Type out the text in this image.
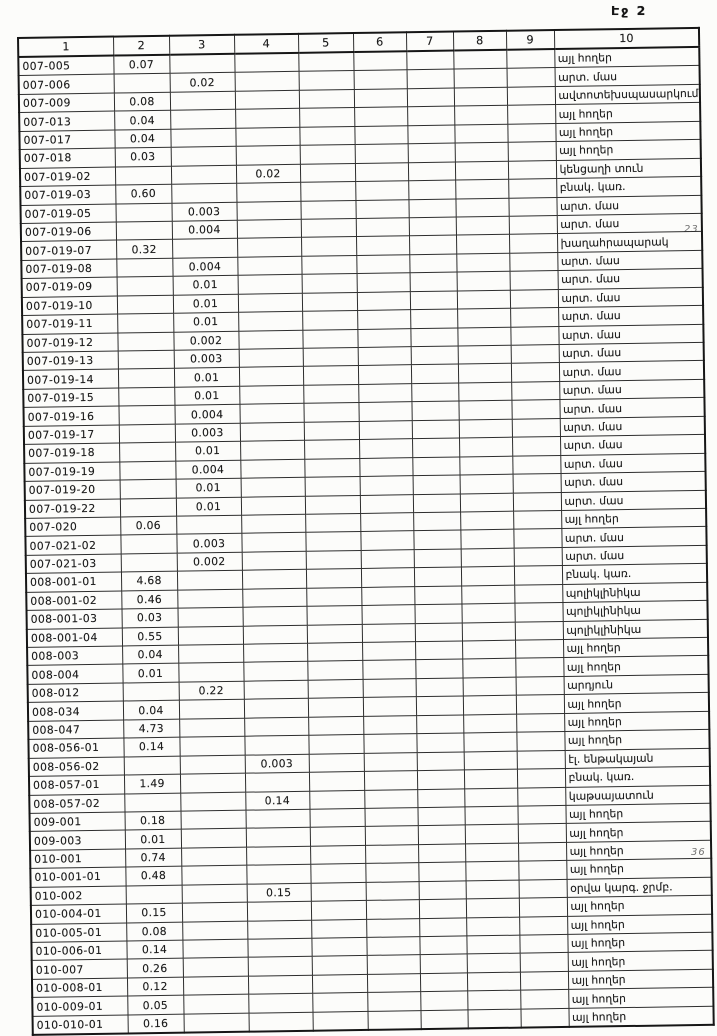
Էջ 2
23
36
1	2	3	4	5	6	7	8	9	10
007-005	0.07								այլ հողեր
007-006		0.02							արտ. մաս
007-009	0.08								ավտոտեխսպասարկում
007-013	0.04								այլ հողեր
007-017	0.04								այլ հողեր
007-018	0.03								այլ հողեր
007-019-02			0.02						կենցաղի տուն
007-019-03	0.60								բնակ. կառ.
007-019-05		0.003							արտ. մաս
007-019-06		0.004							արտ. մաս
007-019-07	0.32								խաղահրապարակ
007-019-08		0.004							արտ. մաս
007-019-09		0.01							արտ. մաս
007-019-10		0.01							արտ. մաս
007-019-11		0.01							արտ. մաս
007-019-12		0.002							արտ. մաս
007-019-13		0.003							արտ. մաս
007-019-14		0.01							արտ. մաս
007-019-15		0.01							արտ. մաս
007-019-16		0.004							արտ. մաս
007-019-17		0.003							արտ. մաս
007-019-18		0.01							արտ. մաս
007-019-19		0.004							արտ. մաս
007-019-20		0.01							արտ. մաս
007-019-22		0.01							արտ. մաս
007-020	0.06								այլ հողեր
007-021-02		0.003							արտ. մաս
007-021-03		0.002							արտ. մաս
008-001-01	4.68								բնակ. կառ.
008-001-02	0.46								պոլիկլինիկա
008-001-03	0.03								պոլիկլինիկա
008-001-04	0.55								պոլիկլինիկա
008-003	0.04								այլ հողեր
008-004	0.01								այլ հողեր
008-012		0.22							արդյուն
008-034	0.04								այլ հողեր
008-047	4.73								այլ հողեր
008-056-01	0.14								այլ հողեր
008-056-02			0.003						էլ. ենթակայան
008-057-01	1.49								բնակ. կառ.
008-057-02			0.14						կաթսայատուն
009-001	0.18								այլ հողեր
009-003	0.01								այլ հողեր
010-001	0.74								այլ հողեր
010-001-01	0.48								այլ հողեր
010-002			0.15						օրվա կարգ. ջրմբ.
010-004-01	0.15								այլ հողեր
010-005-01	0.08								այլ հողեր
010-006-01	0.14								այլ հողեր
010-007	0.26								այլ հողեր
010-008-01	0.12								այլ հողեր
010-009-01	0.05								այլ հողեր
010-010-01	0.16								այլ հողեր
